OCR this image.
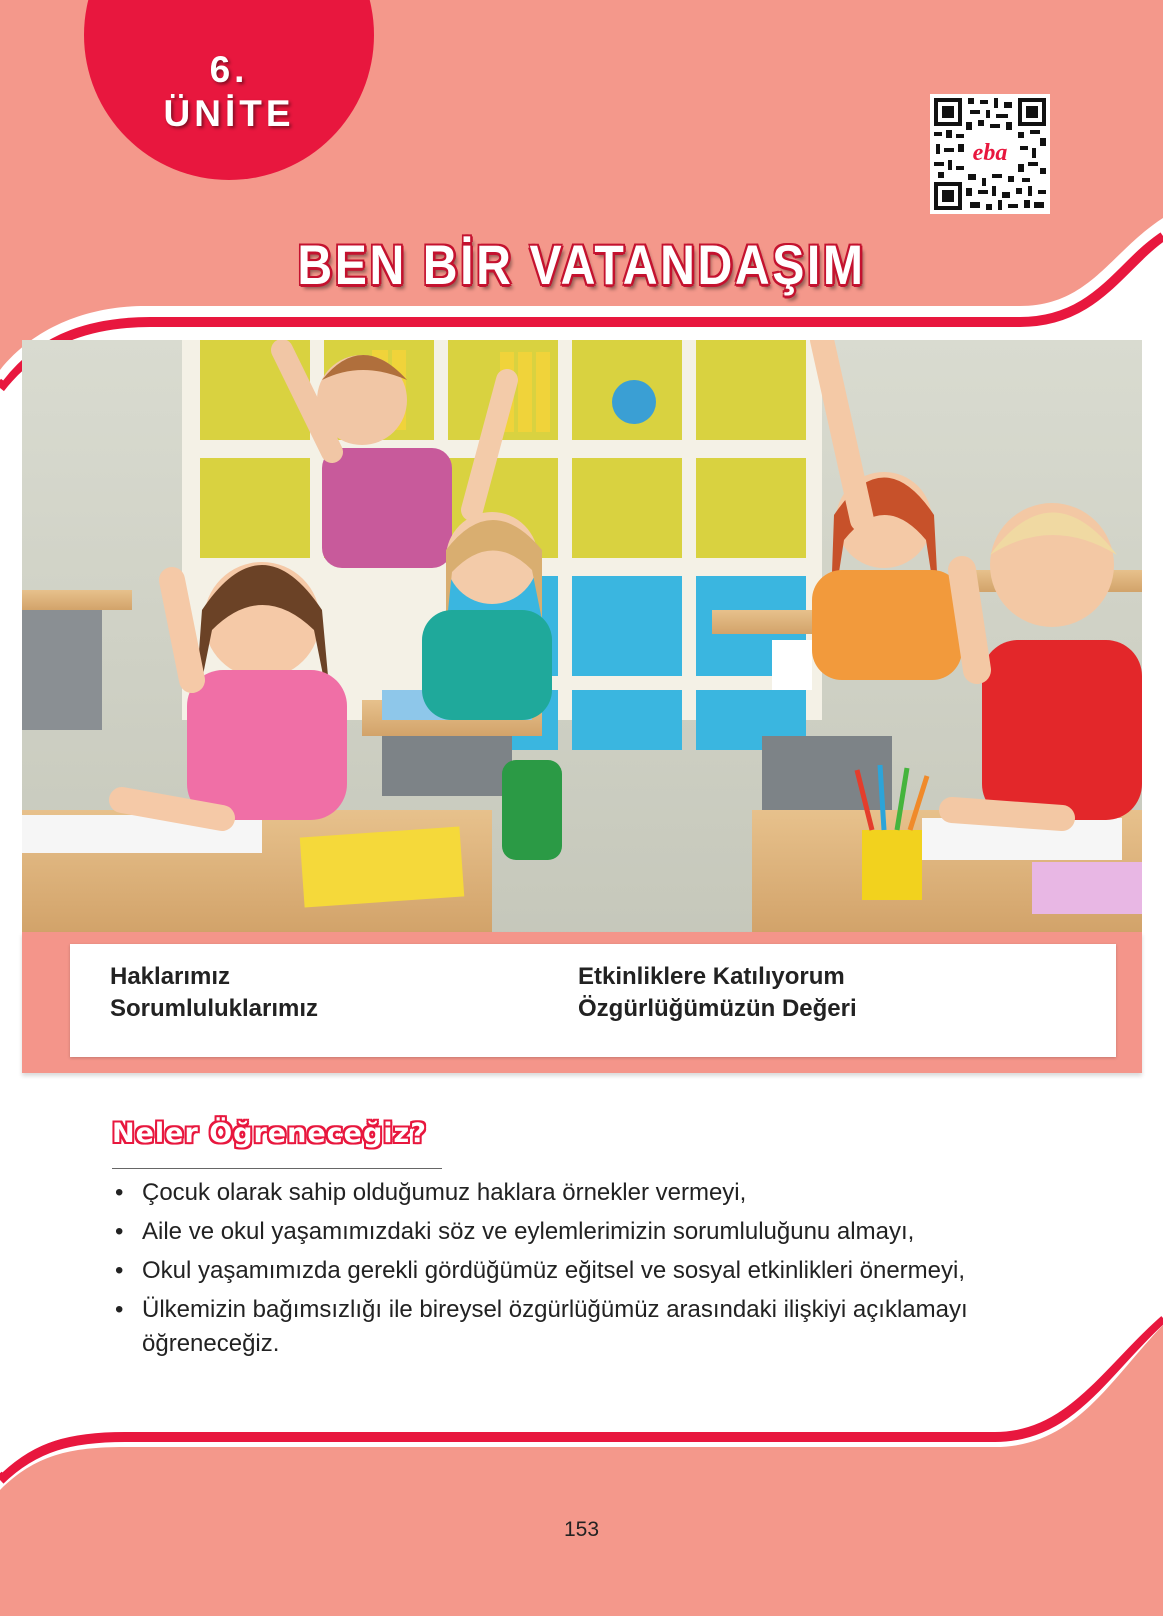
6.
ÜNİTE
eba
BEN BİR VATANDAŞIM
Haklarımız
Sorumluluklarımız
Etkinliklere Katılıyorum
Özgürlüğümüzün Değeri
Neler Öğreneceğiz?
• Çocuk olarak sahip olduğumuz haklara örnekler vermeyi,
• Aile ve okul yaşamımızdaki söz ve eylemlerimizin sorumluluğunu almayı,
• Okul yaşamımızda gerekli gördüğümüz eğitsel ve sosyal etkinlikleri önermeyi,
• Ülkemizin bağımsızlığı ile bireysel özgürlüğümüz arasındaki ilişkiyi açıklamayı öğreneceğiz.
153
